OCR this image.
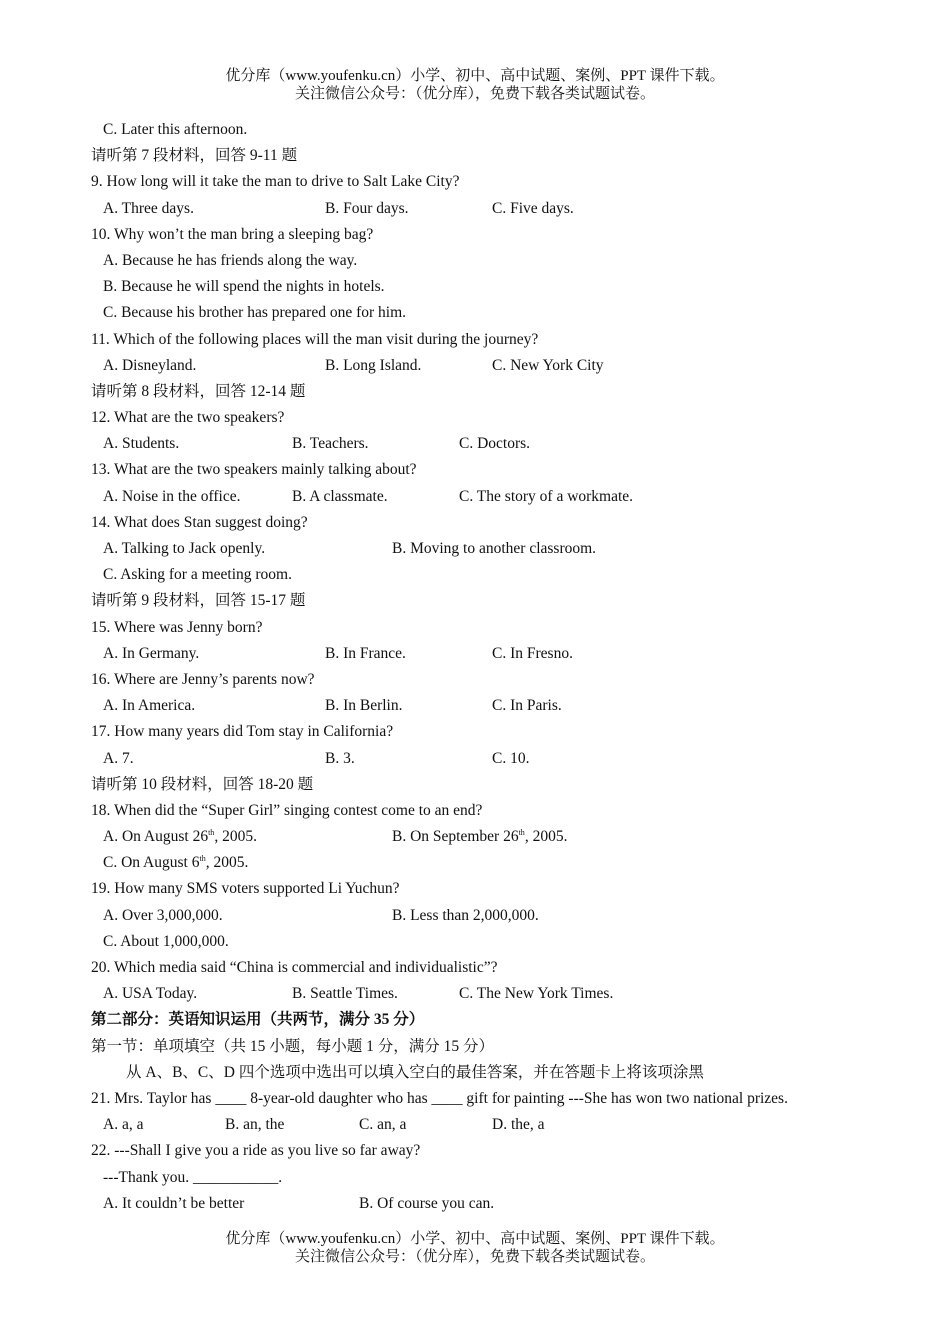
优分库（www.youfenku.cn）小学、初中、高中试题、案例、PPT 课件下载。
关注微信公众号：（优分库），免费下载各类试题试卷。
C. Later this afternoon.
请听第 7 段材料，回答 9-11 题
9. How long will it take the man to drive to Salt Lake City?
A. Three days.	B. Four days.	C. Five days.
10. Why won’t the man bring a sleeping bag?
A. Because he has friends along the way.
B. Because he will spend the nights in hotels.
C. Because his brother has prepared one for him.
11. Which of the following places will the man visit during the journey?
A. Disneyland.	B. Long Island.	C. New York City
请听第 8 段材料，回答 12-14 题
12. What are the two speakers?
A. Students.	B. Teachers.	C. Doctors.
13. What are the two speakers mainly talking about?
A. Noise in the office.	B. A classmate.	C. The story of a workmate.
14. What does Stan suggest doing?
A. Talking to Jack openly.	B. Moving to another classroom.
C. Asking for a meeting room.
请听第 9 段材料，回答 15-17 题
15. Where was Jenny born?
A. In Germany.	B. In France.	C. In Fresno.
16. Where are Jenny’s parents now?
A. In America.	B. In Berlin.	C. In Paris.
17. How many years did Tom stay in California?
A. 7.	B. 3.	C. 10.
请听第 10 段材料，回答 18-20 题
18. When did the “Super Girl” singing contest come to an end?
A. On August 26th, 2005.	B. On September 26th, 2005.
C. On August 6th, 2005.
19. How many SMS voters supported Li Yuchun?
A. Over 3,000,000.	B. Less than 2,000,000.
C. About 1,000,000.
20. Which media said “China is commercial and individualistic”?
A. USA Today.	B. Seattle Times.	C. The New York Times.
第二部分：英语知识运用（共两节，满分 35 分）
第一节：单项填空（共 15 小题，每小题 1 分，满分 15 分）
从 A、B、C、D 四个选项中选出可以填入空白的最佳答案，并在答题卡上将该项涂黑
21. Mrs. Taylor has ____ 8-year-old daughter who has ____ gift for painting ---She has won two national prizes.
A. a, a	B. an, the	C. an, a	D. the, a
22. ---Shall I give you a ride as you live so far away?
---Thank you. ___________.
A. It couldn’t be better	B. Of course you can.
优分库（www.youfenku.cn）小学、初中、高中试题、案例、PPT 课件下载。
关注微信公众号：（优分库），免费下载各类试题试卷。
